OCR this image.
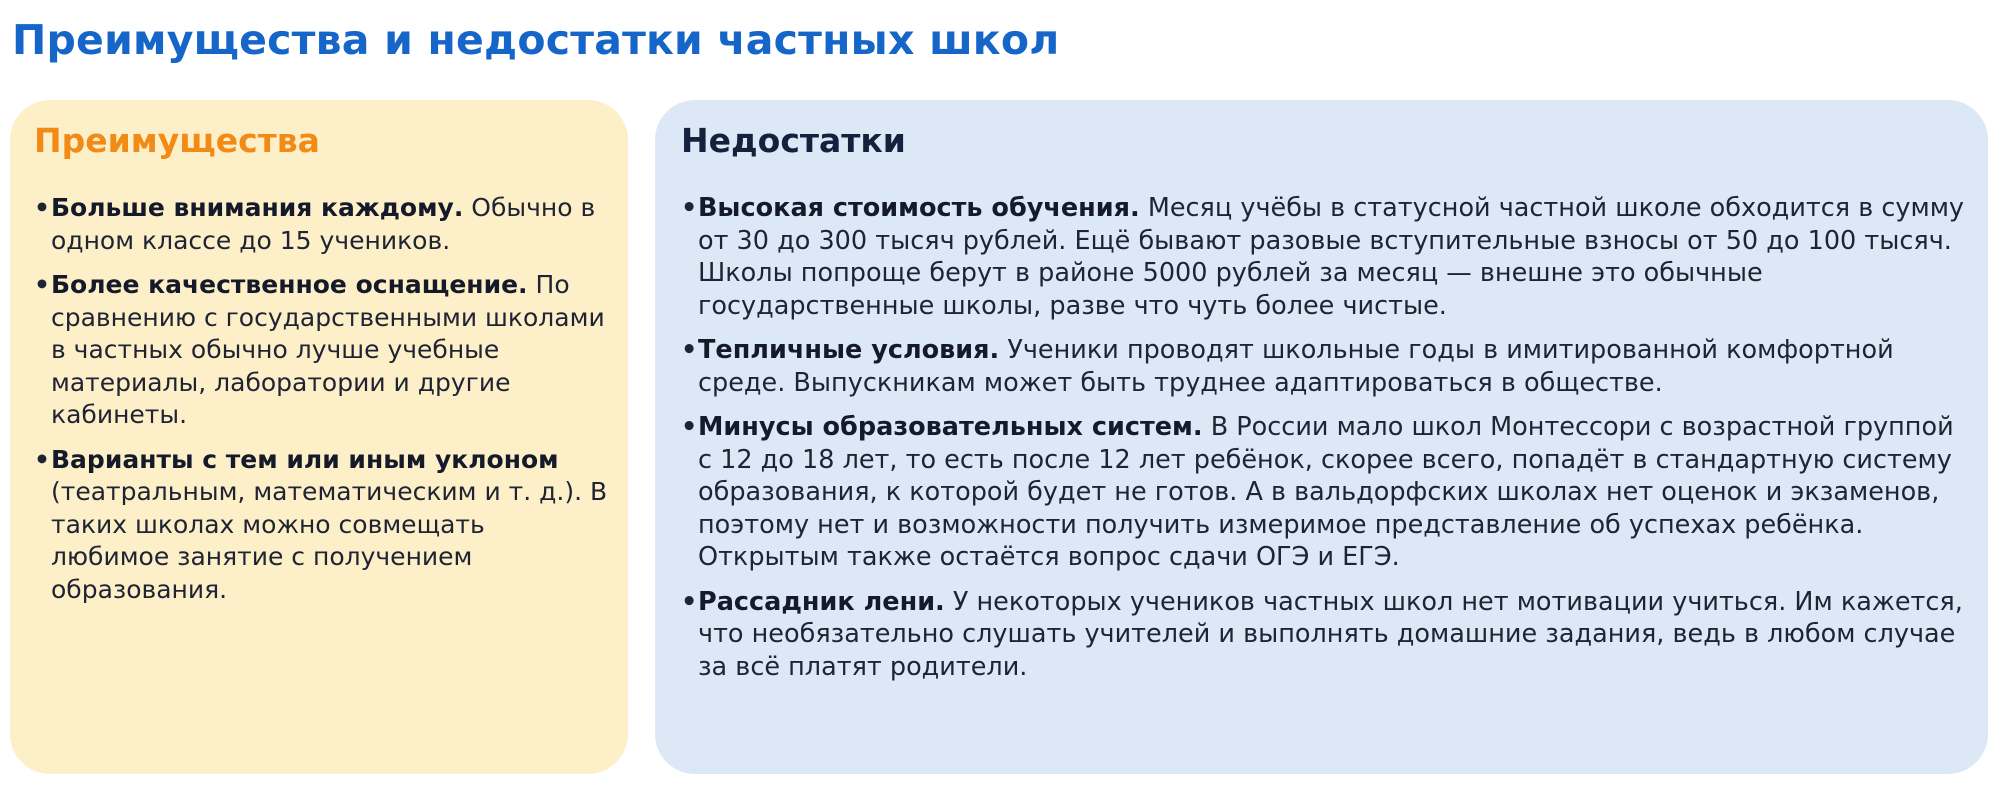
Преимущества и недостатки частных школ
Преимущества

• Больше внимания каждому. Обычно в одном классе до 15 учеников.

• Более качественное оснащение. По сравнению с государственными школами в частных обычно лучше учебные материалы, лаборатории и другие кабинеты.

• Варианты с тем или иным уклоном (театральным, математическим и т. д.). В таких школах можно совмещать любимое занятие с получением образования.

Недостатки

• Высокая стоимость обучения. Месяц учёбы в статусной частной школе обходится в сумму от 30 до 300 тысяч рублей. Ещё бывают разовые вступительные взносы от 50 до 100 тысяч. Школы попроще берут в районе 5000 рублей за месяц — внешне это обычные государственные школы, разве что чуть более чистые.

• Тепличные условия. Ученики проводят школьные годы в имитированной комфортной среде. Выпускникам может быть труднее адаптироваться в обществе.

• Минусы образовательных систем. В России мало школ Монтессори с возрастной группой с 12 до 18 лет, то есть после 12 лет ребёнок, скорее всего, попадёт в стандартную систему образования, к которой будет не готов. А в вальдорфских школах нет оценок и экзаменов, поэтому нет и возможности получить измеримое представление об успехах ребёнка. Открытым также остаётся вопрос сдачи ОГЭ и ЕГЭ.

• Рассадник лени. У некоторых учеников частных школ нет мотивации учиться. Им кажется, что необязательно слушать учителей и выполнять домашние задания, ведь в любом случае за всё платят родители.
